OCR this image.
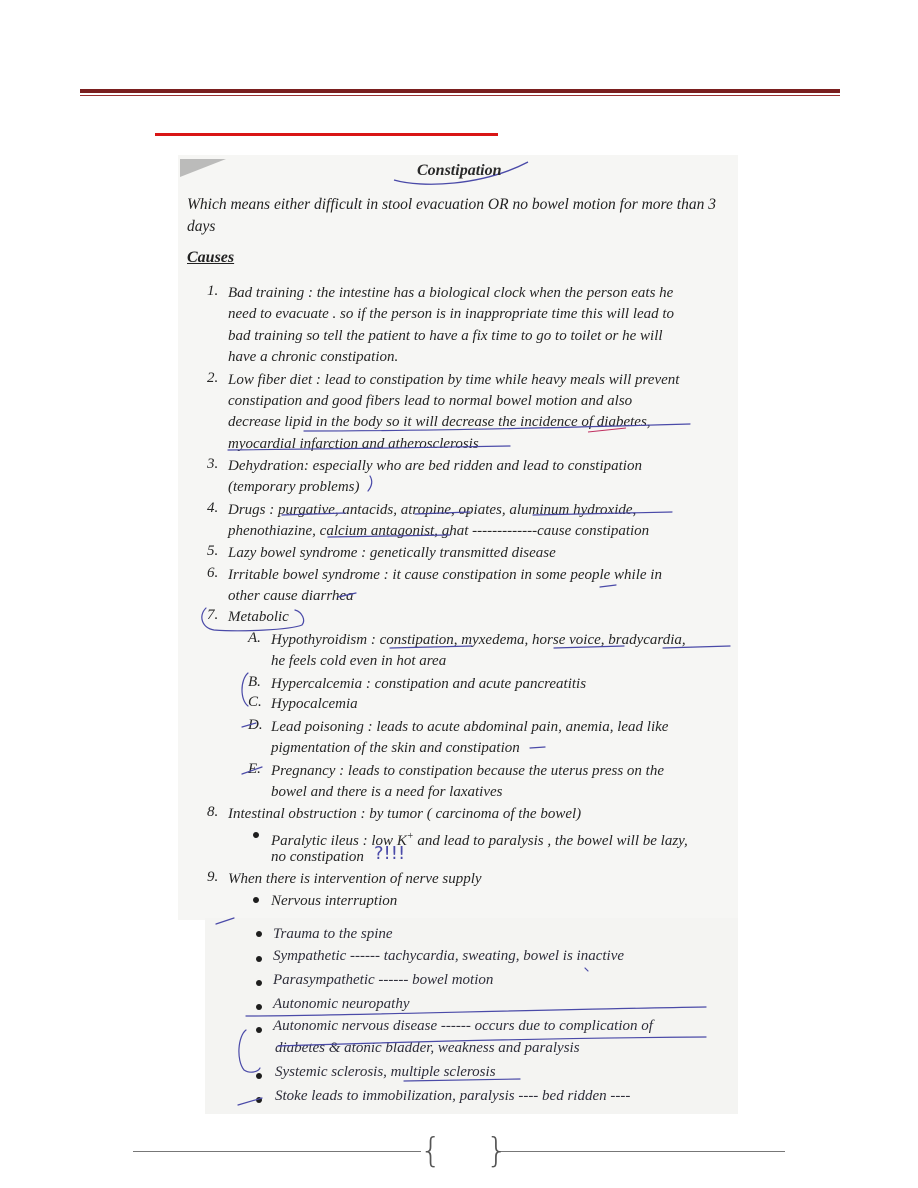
Constipation
Which means either difficult in stool evacuation OR no bowel motion for more than 3 days
Causes
1. Bad training : the intestine has a biological clock when the person eats he
need to evacuate . so if the person is in inappropriate time this will lead to
bad training so tell the patient to have a fix time to go to toilet or he will
have a chronic constipation.
2. Low fiber diet : lead to constipation by time while heavy meals will prevent
constipation and good fibers lead to normal bowel motion and also
decrease lipid in the body so it will decrease the incidence of diabetes,
myocardial infarction and atherosclerosis
3. Dehydration: especially who are bed ridden and lead to constipation
(temporary problems)
4. Drugs : purgative, antacids, atropine, opiates, aluminum hydroxide,
phenothiazine, calcium antagonist, ghat -------------cause constipation
5. Lazy bowel syndrome : genetically transmitted disease
6. Irritable bowel syndrome : it cause constipation in some people while in
other cause diarrhea
7. Metabolic
A. Hypothyroidism : constipation, myxedema, horse voice, bradycardia,
he feels cold even in hot area
B. Hypercalcemia : constipation and acute pancreatitis
C. Hypocalcemia
D. Lead poisoning : leads to acute abdominal pain, anemia, lead like
pigmentation of the skin and constipation
E. Pregnancy : leads to constipation because the uterus press on the
bowel and there is a need for laxatives
8. Intestinal obstruction : by tumor ( carcinoma of the bowel)
Paralytic ileus : low K+ and lead to paralysis , the bowel will be lazy,
no constipation ?!!!
9. When there is intervention of nerve supply
Nervous interruption
Trauma to the spine
Sympathetic ------ tachycardia, sweating, bowel is inactive
Parasympathetic ------ bowel motion
Autonomic neuropathy
Autonomic nervous disease ------ occurs due to complication of
diabetes & atonic bladder, weakness and paralysis
Systemic sclerosis, multiple sclerosis
Stoke leads to immobilization, paralysis ---- bed ridden ----
{ }
